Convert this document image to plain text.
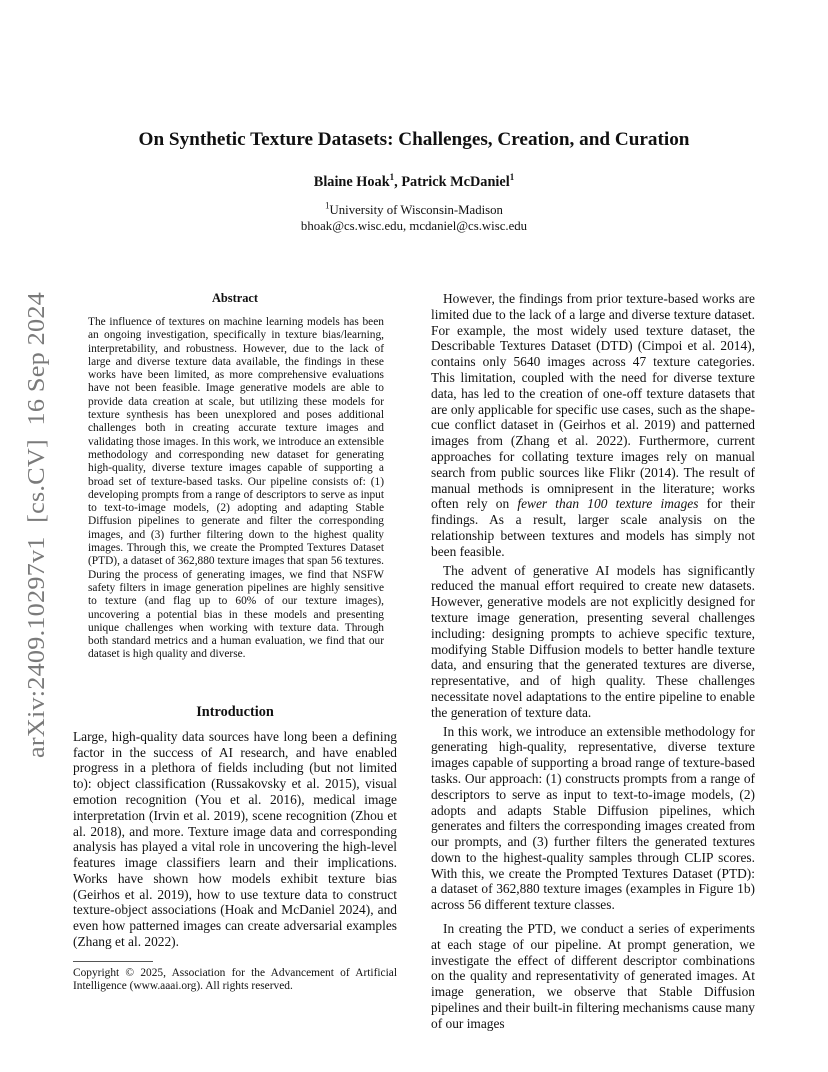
arXiv:2409.10297v1  [cs.CV]  16 Sep 2024
On Synthetic Texture Datasets: Challenges, Creation, and Curation
Blaine Hoak$^1$, Patrick McDaniel$^1$
$^1$University of Wisconsin-Madison
bhoak@cs.wisc.edu, mcdaniel@cs.wisc.edu
Abstract
The influence of textures on machine learning models has been an ongoing investigation, specifically in texture bias/learning, interpretability, and robustness. However, due to the lack of large and diverse texture data available, the findings in these works have been limited, as more comprehensive evaluations have not been feasible. Image generative models are able to provide data creation at scale, but utilizing these models for texture synthesis has been unexplored and poses additional challenges both in creating accurate texture images and validating those images. In this work, we introduce an extensible methodology and corresponding new dataset for generating high-quality, diverse texture images capable of supporting a broad set of texture-based tasks. Our pipeline consists of: (1) developing prompts from a range of descriptors to serve as input to text-to-image models, (2) adopting and adapting Stable Diffusion pipelines to generate and filter the corresponding images, and (3) further filtering down to the highest quality images. Through this, we create the Prompted Textures Dataset (PTD), a dataset of 362,880 texture images that span 56 textures. During the process of generating images, we find that NSFW safety filters in image generation pipelines are highly sensitive to texture (and flag up to 60% of our texture images), uncovering a potential bias in these models and presenting unique challenges when working with texture data. Through both standard metrics and a human evaluation, we find that our dataset is high quality and diverse.
Introduction

Large, high-quality data sources have long been a defining factor in the success of AI research, and have enabled progress in a plethora of fields including (but not limited to): object classification (Russakovsky et al. 2015), visual emotion recognition (You et al. 2016), medical image interpretation (Irvin et al. 2019), scene recognition (Zhou et al. 2018), and more. Texture image data and corresponding analysis has played a vital role in uncovering the high-level features image classifiers learn and their implications. Works have shown how models exhibit texture bias (Geirhos et al. 2019), how to use texture data to construct texture-object associations (Hoak and McDaniel 2024), and even how patterned images can create adversarial examples (Zhang et al. 2022).

Copyright © 2025, Association for the Advancement of Artificial Intelligence (www.aaai.org). All rights reserved.

However, the findings from prior texture-based works are limited due to the lack of a large and diverse texture dataset. For example, the most widely used texture dataset, the Describable Textures Dataset (DTD) (Cimpoi et al. 2014), contains only 5640 images across 47 texture categories. This limitation, coupled with the need for diverse texture data, has led to the creation of one-off texture datasets that are only applicable for specific use cases, such as the shape-cue conflict dataset in (Geirhos et al. 2019) and patterned images from (Zhang et al. 2022). Furthermore, current approaches for collating texture images rely on manual search from public sources like Flikr (2014). The result of manual methods is omnipresent in the literature; works often rely on fewer than 100 texture images for their findings. As a result, larger scale analysis on the relationship between textures and models has simply not been feasible.

The advent of generative AI models has significantly reduced the manual effort required to create new datasets. However, generative models are not explicitly designed for texture image generation, presenting several challenges including: designing prompts to achieve specific texture, modifying Stable Diffusion models to better handle texture data, and ensuring that the generated textures are diverse, representative, and of high quality. These challenges necessitate novel adaptations to the entire pipeline to enable the generation of texture data.

In this work, we introduce an extensible methodology for generating high-quality, representative, diverse texture images capable of supporting a broad range of texture-based tasks. Our approach: (1) constructs prompts from a range of descriptors to serve as input to text-to-image models, (2) adopts and adapts Stable Diffusion pipelines, which generates and filters the corresponding images created from our prompts, and (3) further filters the generated textures down to the highest-quality samples through CLIP scores. With this, we create the Prompted Textures Dataset (PTD): a dataset of 362,880 texture images (examples in Figure 1b) across 56 different texture classes.

In creating the PTD, we conduct a series of experiments at each stage of our pipeline. At prompt generation, we investigate the effect of different descriptor combinations on the quality and representativity of generated images. At image generation, we observe that Stable Diffusion pipelines and their built-in filtering mechanisms cause many of our images
